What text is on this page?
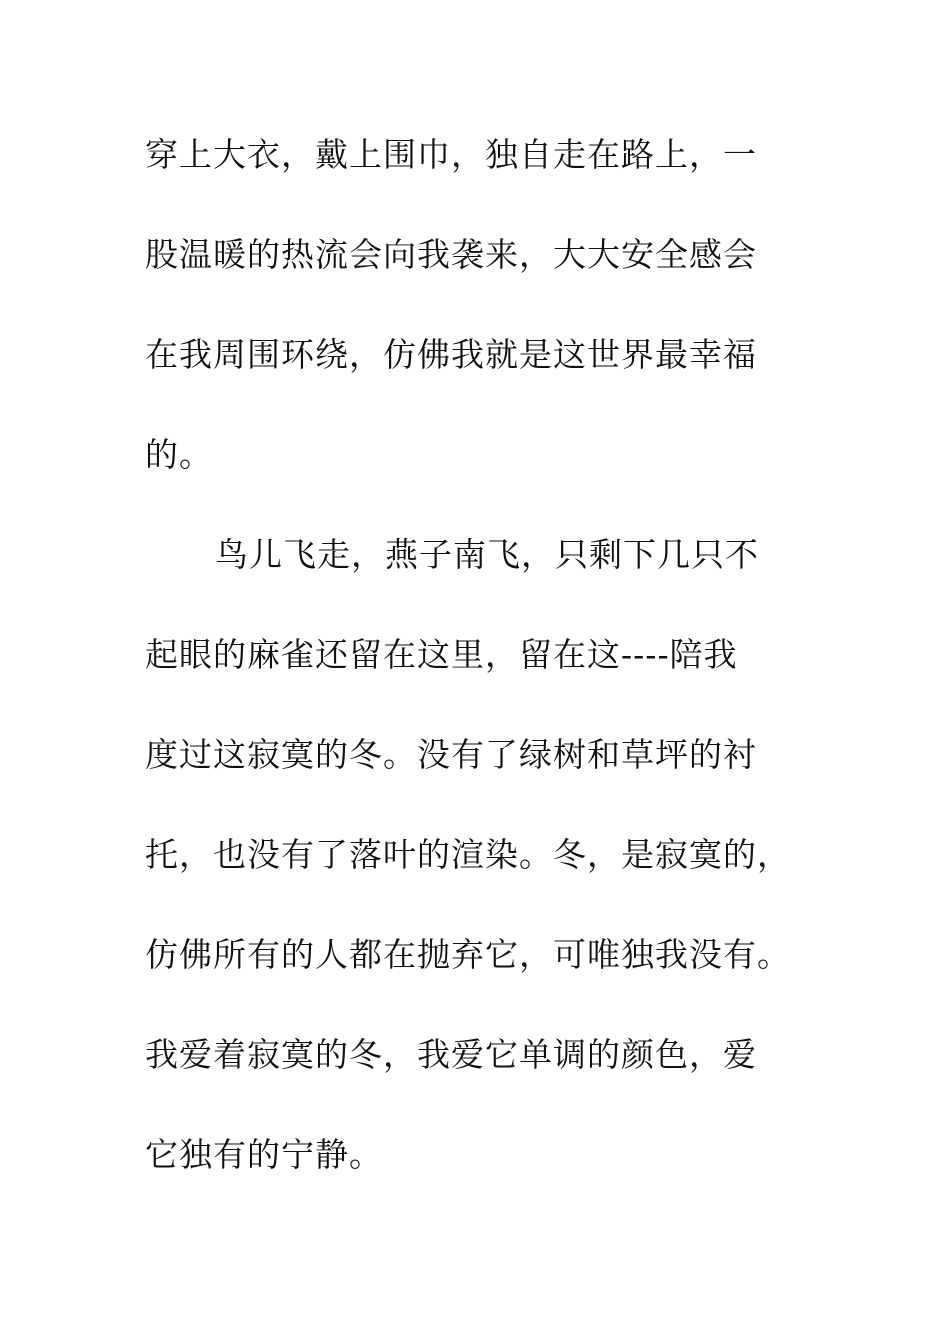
穿上大衣，戴上围巾，独自走在路上，一
股温暖的热流会向我袭来，大大安全感会
在我周围环绕，仿佛我就是这世界最幸福
的。
鸟儿飞走，燕子南飞，只剩下几只不
起眼的麻雀还留在这里，留在这----陪我
度过这寂寞的冬。没有了绿树和草坪的衬
托，也没有了落叶的渲染。冬，是寂寞的，
仿佛所有的人都在抛弃它，可唯独我没有。
我爱着寂寞的冬，我爱它单调的颜色，爱
它独有的宁静。
